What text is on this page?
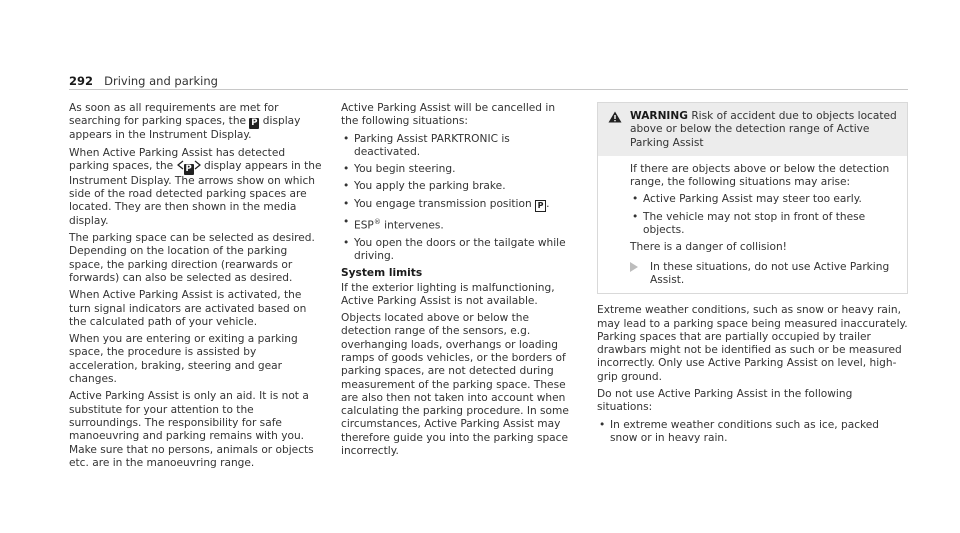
292 Driving and parking

As soon as all requirements are met for searching for parking spaces, the P display appears in the Instrument Display.

When Active Parking Assist has detected parking spaces, the P display appears in the Instrument Display. The arrows show on which side of the road detected parking spaces are located. They are then shown in the media display.

The parking space can be selected as desired. Depending on the location of the parking space, the parking direction (rearwards or forwards) can also be selected as desired.

When Active Parking Assist is activated, the turn signal indicators are activated based on the calculated path of your vehicle.

When you are entering or exiting a parking space, the procedure is assisted by acceleration, braking, steering and gear changes.

Active Parking Assist is only an aid. It is not a substitute for your attention to the surroundings. The responsibility for safe manoeuvring and parking remains with you. Make sure that no persons, animals or objects etc. are in the manoeuvring range.

Active Parking Assist will be cancelled in the following situations:

• Parking Assist PARKTRONIC is deactivated.
• You begin steering.
• You apply the parking brake.
• You engage transmission position P .
• ESP® intervenes.
• You open the doors or the tailgate while driving.
System limits

If the exterior lighting is malfunctioning, Active Parking Assist is not available.

Objects located above or below the detection range of the sensors, e.g. overhanging loads, overhangs or loading ramps of goods vehicles, or the borders of parking spaces, are not detected during measurement of the parking space. These are also then not taken into account when calculating the parking procedure. In some circumstances, Active Parking Assist may therefore guide you into the parking space incorrectly.

WARNING Risk of accident due to objects located above or below the detection range of Active Parking Assist

If there are objects above or below the detection range, the following situations may arise:

• Active Parking Assist may steer too early.
• The vehicle may not stop in front of these objects.

There is a danger of collision!

In these situations, do not use Active Parking Assist.

Extreme weather conditions, such as snow or heavy rain, may lead to a parking space being measured inaccurately. Parking spaces that are partially occupied by trailer drawbars might not be identified as such or be measured incorrectly. Only use Active Parking Assist on level, high-grip ground.

Do not use Active Parking Assist in the following situations:

• In extreme weather conditions such as ice, packed snow or in heavy rain.
